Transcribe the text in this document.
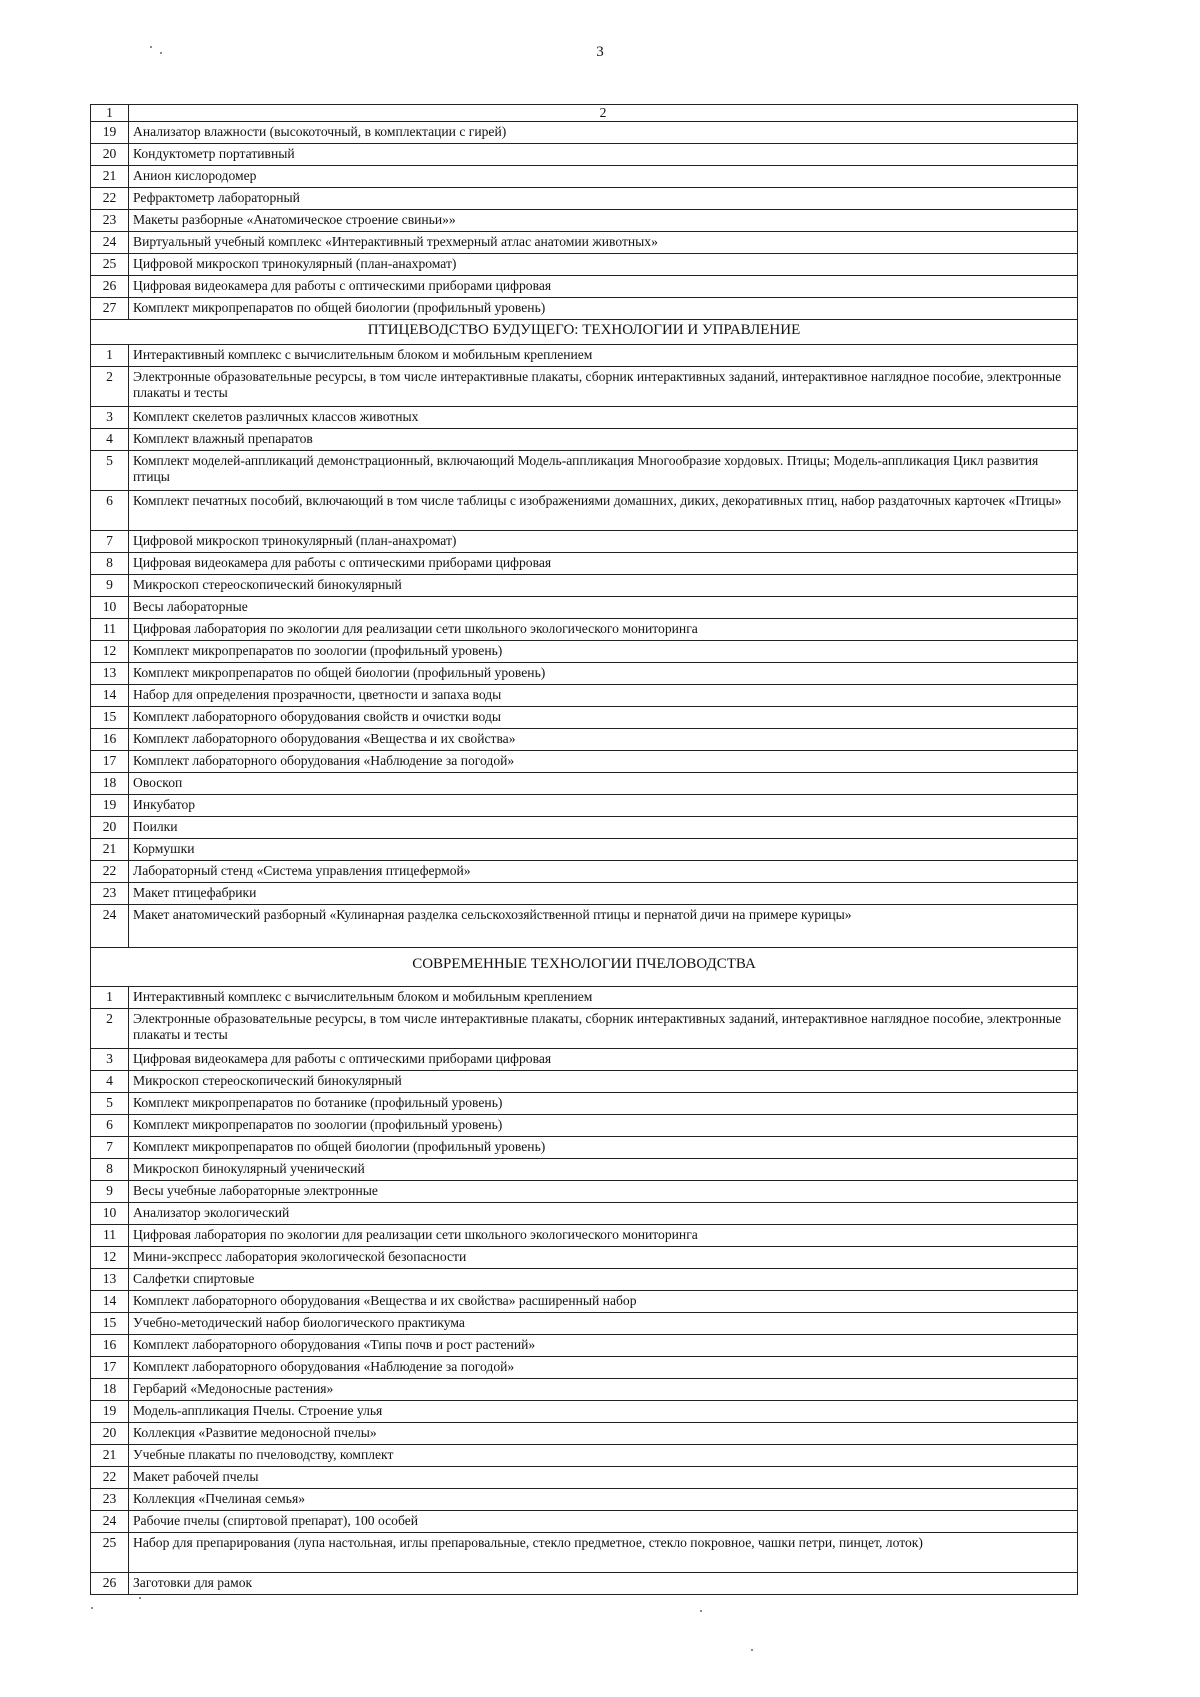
3
1	2
19	Анализатор влажности (высокоточный, в комплектации с гирей)
20	Кондуктометр портативный
21	Анион кислородомер
22	Рефрактометр лабораторный
23	Макеты разборные «Анатомическое строение свиньи»»
24	Виртуальный учебный комплекс «Интерактивный трехмерный атлас анатомии животных»
25	Цифровой микроскоп тринокулярный (план-анахромат)
26	Цифровая видеокамера для работы с оптическими приборами цифровая
27	Комплект микропрепаратов по общей биологии (профильный уровень)
ПТИЦЕВОДСТВО БУДУЩЕГО: ТЕХНОЛОГИИ И УПРАВЛЕНИЕ	
1	Интерактивный комплекс с вычислительным блоком и мобильным креплением
2	Электронные образовательные ресурсы, в том числе интерактивные плакаты, сборник интерактивных заданий, интерактивное наглядное пособие, электронные плакаты и тесты
3	Комплект скелетов различных классов животных
4	Комплект влажный препаратов
5	Комплект моделей-аппликаций демонстрационный, включающий Модель-аппликация Многообразие хордовых. Птицы; Модель-аппликация Цикл развития птицы
6	Комплект печатных пособий, включающий в том числе таблицы с изображениями домашних, диких, декоративных птиц, набор раздаточных карточек «Птицы»
7	Цифровой микроскоп тринокулярный (план-анахромат)
8	Цифровая видеокамера для работы с оптическими приборами цифровая
9	Микроскоп стереоскопический бинокулярный
10	Весы лабораторные
11	Цифровая лаборатория по экологии для реализации сети школьного экологического мониторинга
12	Комплект микропрепаратов по зоологии (профильный уровень)
13	Комплект микропрепаратов по общей биологии (профильный уровень)
14	Набор для определения прозрачности, цветности и запаха воды
15	Комплект лабораторного оборудования свойств и очистки воды
16	Комплект лабораторного оборудования «Вещества и их свойства»
17	Комплект лабораторного оборудования «Наблюдение за погодой»
18	Овоскоп
19	Инкубатор
20	Поилки
21	Кормушки
22	Лабораторный стенд «Система управления птицефермой»
23	Макет птицефабрики
24	Макет анатомический разборный «Кулинарная разделка сельскохозяйственной птицы и пернатой дичи на примере курицы»
СОВРЕМЕННЫЕ ТЕХНОЛОГИИ ПЧЕЛОВОДСТВА	
1	Интерактивный комплекс с вычислительным блоком и мобильным креплением
2	Электронные образовательные ресурсы, в том числе интерактивные плакаты, сборник интерактивных заданий, интерактивное наглядное пособие, электронные плакаты и тесты
3	Цифровая видеокамера для работы с оптическими приборами цифровая
4	Микроскоп стереоскопический бинокулярный
5	Комплект микропрепаратов по ботанике (профильный уровень)
6	Комплект микропрепаратов по зоологии (профильный уровень)
7	Комплект микропрепаратов по общей биологии (профильный уровень)
8	Микроскоп бинокулярный ученический
9	Весы учебные лабораторные электронные
10	Анализатор экологический
11	Цифровая лаборатория по экологии для реализации сети школьного экологического мониторинга
12	Мини-экспресс лаборатория экологической безопасности
13	Салфетки спиртовые
14	Комплект лабораторного оборудования «Вещества и их свойства» расширенный набор
15	Учебно-методический набор биологического практикума
16	Комплект лабораторного оборудования «Типы почв и рост растений»
17	Комплект лабораторного оборудования «Наблюдение за погодой»
18	Гербарий «Медоносные растения»
19	Модель-аппликация Пчелы. Строение улья
20	Коллекция «Развитие медоносной пчелы»
21	Учебные плакаты по пчеловодству, комплект
22	Макет рабочей пчелы
23	Коллекция «Пчелиная семья»
24	Рабочие пчелы (спиртовой препарат), 100 особей
25	Набор для препарирования (лупа настольная, иглы препаровальные, стекло предметное, стекло покровное, чашки петри, пинцет, лоток)
26	Заготовки для рамок
